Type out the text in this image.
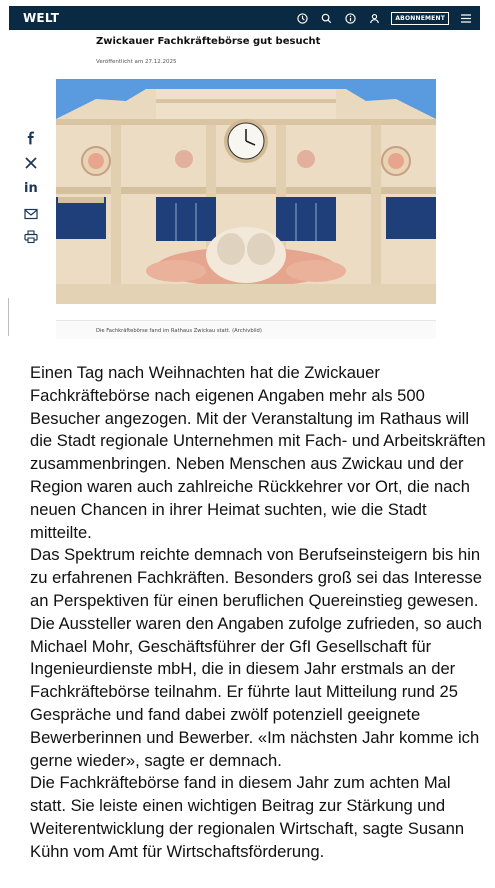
WELT	ABONNEMENT
Zwickauer Fachkräftebörse gut besucht
Veröffentlicht am 27.12.2025
in
Die Fachkräftebörse fand im Rathaus Zwickau statt. (Archivbild)

Einen Tag nach Weihnachten hat die Zwickauer Fachkräftebörse nach eigenen Angaben mehr als 500 Besucher angezogen. Mit der Veranstaltung im Rathaus will die Stadt regionale Unternehmen mit Fach- und Arbeitskräften zusammenbringen. Neben Menschen aus Zwickau und der Region waren auch zahlreiche Rückkehrer vor Ort, die nach neuen Chancen in ihrer Heimat suchten, wie die Stadt mitteilte.

Das Spektrum reichte demnach von Berufseinsteigern bis hin zu erfahrenen Fachkräften. Besonders groß sei das Interesse an Perspektiven für einen beruflichen Quereinstieg gewesen. Die Aussteller waren den Angaben zufolge zufrieden, so auch Michael Mohr, Geschäftsführer der GfI Gesellschaft für Ingenieurdienste mbH, die in diesem Jahr erstmals an der Fachkräftebörse teilnahm. Er führte laut Mitteilung rund 25 Gespräche und fand dabei zwölf potenziell geeignete Bewerberinnen und Bewerber. «Im nächsten Jahr komme ich gerne wieder», sagte er demnach.

Die Fachkräftebörse fand in diesem Jahr zum achten Mal statt. Sie leiste einen wichtigen Beitrag zur Stärkung und Weiterentwicklung der regionalen Wirtschaft, sagte Susann Kühn vom Amt für Wirtschaftsförderung.
